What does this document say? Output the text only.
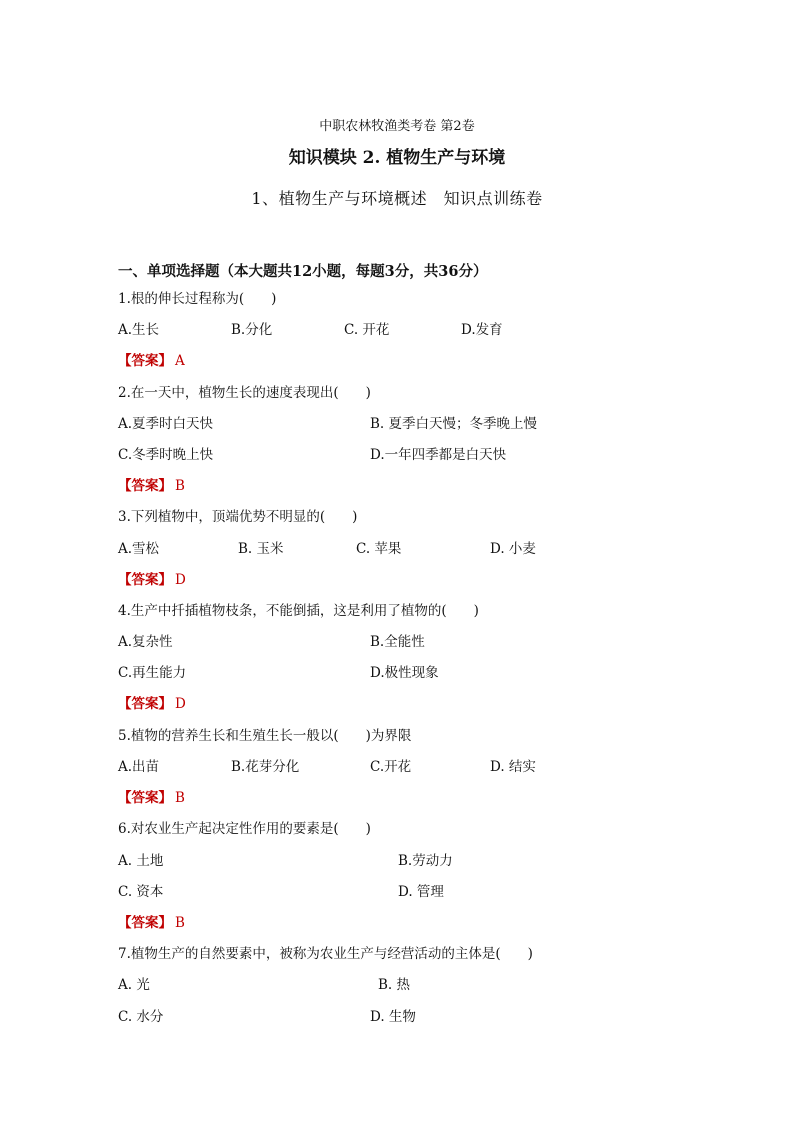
中职农林牧渔类考卷 第2卷
知识模块 2. 植物生产与环境
1、植物生产与环境概述　知识点训练卷
一、单项选择题（本大题共12小题，每题3分，共36分）
1.根的伸长过程称为(　　)
A.生长	B.分化	C. 开花	D.发育
【答案】 A
2.在一天中，植物生长的速度表现出(　　)
A.夏季时白天快	B. 夏季白天慢；冬季晚上慢
C.冬季时晚上快	D.一年四季都是白天快
【答案】 B
3.下列植物中，顶端优势不明显的(　　)
A.雪松	B. 玉米	C. 苹果	D. 小麦
【答案】 D
4.生产中扦插植物枝条，不能倒插，这是利用了植物的(　　)
A.复杂性	B.全能性
C.再生能力	D.极性现象
【答案】 D
5.植物的营养生长和生殖生长一般以(　　)为界限
A.出苗	B.花芽分化	C.开花	D. 结实
【答案】 B
6.对农业生产起决定性作用的要素是(　　)
A. 土地	B.劳动力
C. 资本	D. 管理
【答案】 B
7.植物生产的自然要素中，被称为农业生产与经营活动的主体是(　　)
A. 光	B. 热
C. 水分	D. 生物
